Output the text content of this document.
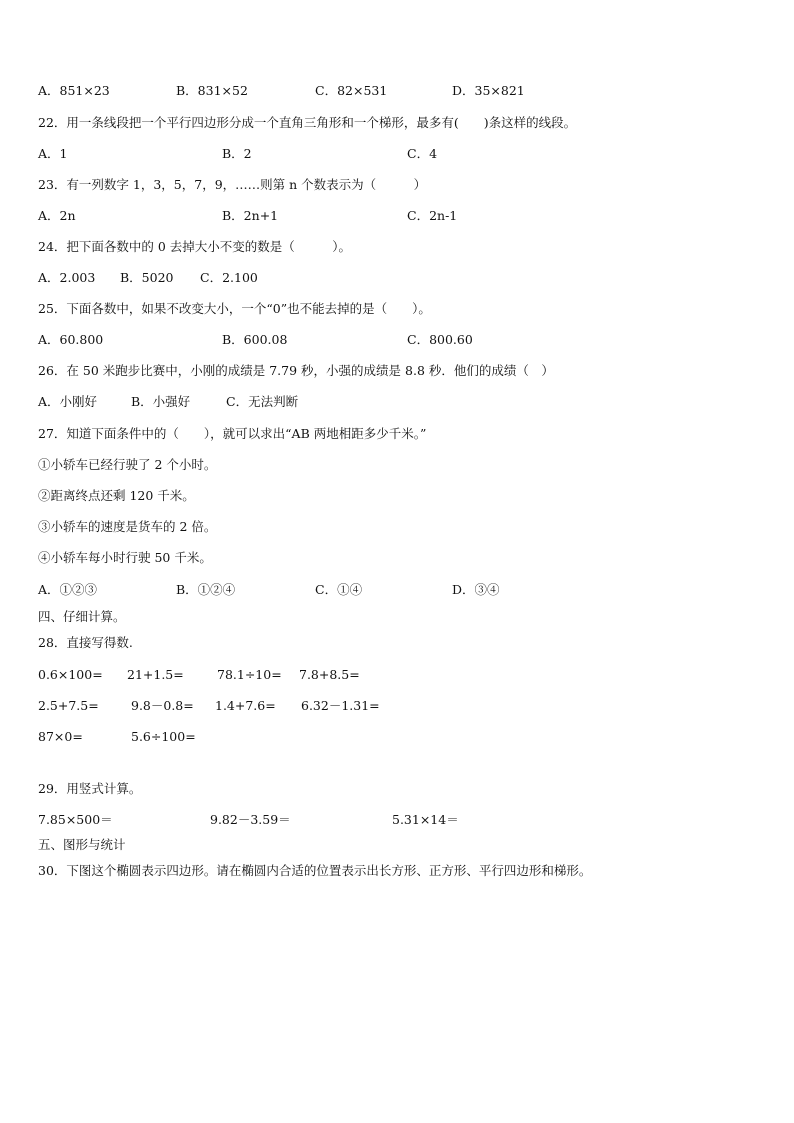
A．851×23	B．831×52	C．82×531	D．35×821
22．用一条线段把一个平行四边形分成一个直角三角形和一个梯形，最多有(　　)条这样的线段。
A．1	B．2	C．4
23．有一列数字 1，3，5，7，9，……则第 n 个数表示为（　　　）
A．2n	B．2n+1	C．2n-1
24．把下面各数中的 0 去掉大小不变的数是（　　　）。
A．2.003 B．5020 C．2.100
25．下面各数中，如果不改变大小，一个“0”也不能去掉的是（　　）。
A．60.800	B．600.08	C．800.60
26．在 50 米跑步比赛中，小刚的成绩是 7.79 秒，小强的成绩是 8.8 秒．他们的成绩（　）
A．小刚好	B．小强好	C．无法判断
27．知道下面条件中的（　　），就可以求出“AB 两地相距多少千米。”
①小轿车已经行驶了 2 个小时。
②距离终点还剩 120 千米。
③小轿车的速度是货车的 2 倍。
④小轿车每小时行驶 50 千米。
A．①②③	B．①②④	C．①④	D．③④
四、仔细计算。
28．直接写得数.
0.6×100= 21+1.5=	78.1÷10= 7.8+8.5=
2.5+7.5=	9.8－0.8= 1.4+7.6= 6.32－1.31=
87×0=	5.6÷100=
29．用竖式计算。
7.85×500＝	9.82－3.59＝	5.31×14＝
五、图形与统计
30．下图这个椭圆表示四边形。请在椭圆内合适的位置表示出长方形、正方形、平行四边形和梯形。
